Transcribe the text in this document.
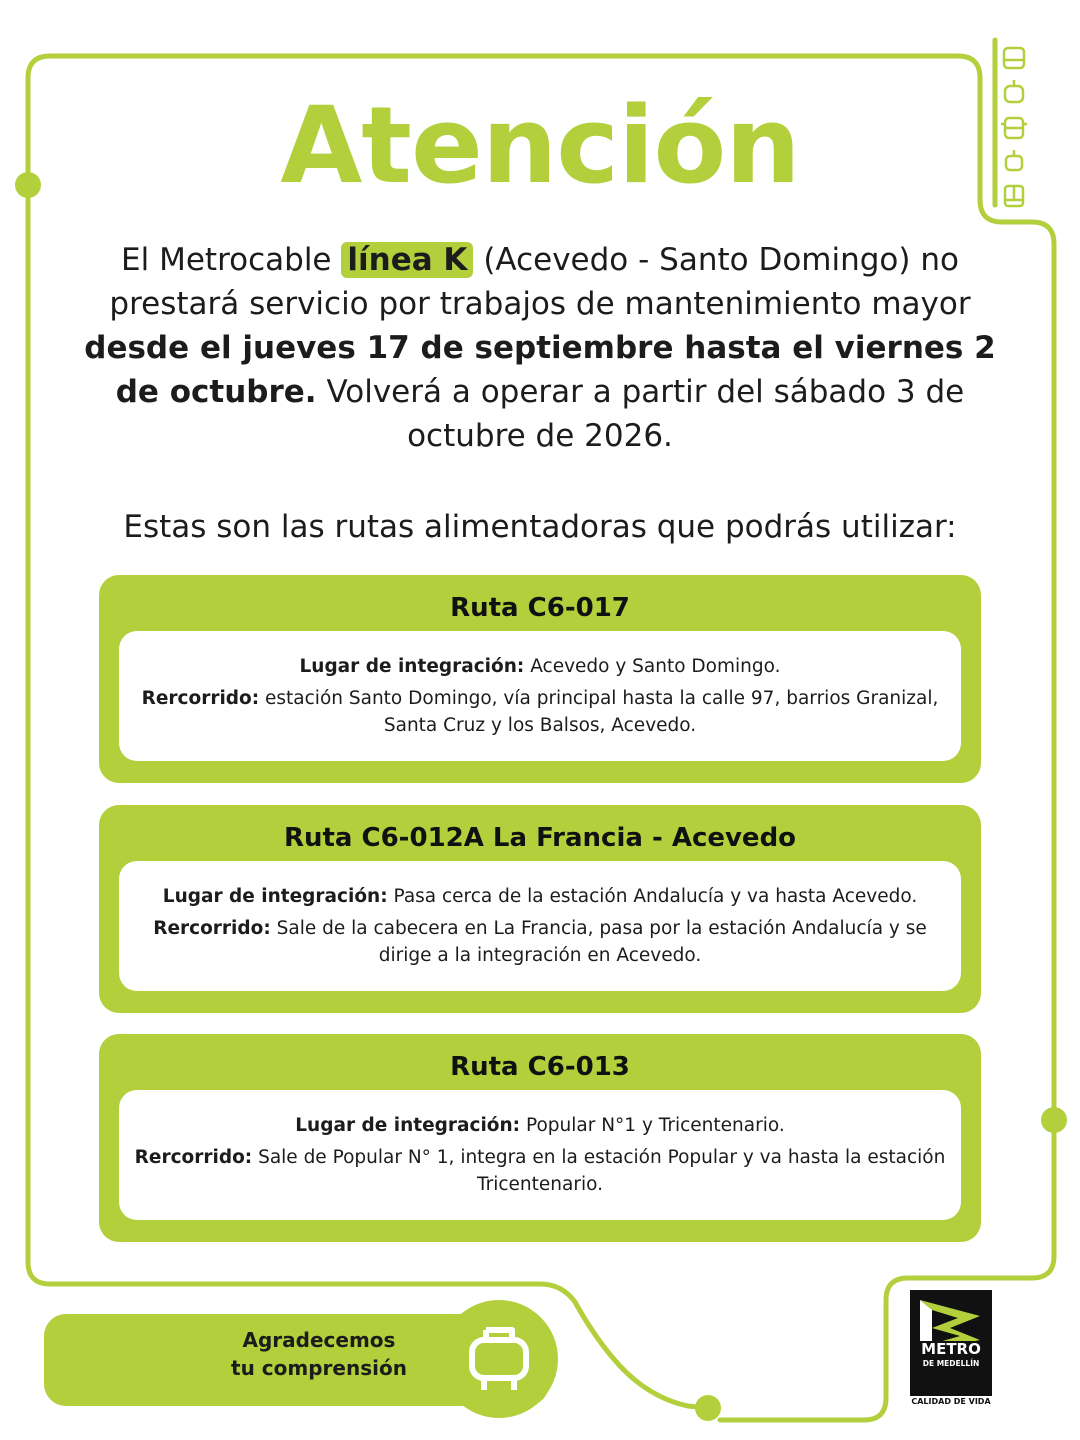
Atención
El Metrocable línea K (Acevedo - Santo Domingo) no prestará servicio por trabajos de mantenimiento mayor desde el jueves 17 de septiembre hasta el viernes 2 de octubre. Volverá a operar a partir del sábado 3 de octubre de 2026.
Estas son las rutas alimentadoras que podrás utilizar:
Ruta C6-017

Lugar de integración: Acevedo y Santo Domingo.

Rercorrido: estación Santo Domingo, vía principal hasta la calle 97, barrios Granizal, Santa Cruz y los Balsos, Acevedo.

Ruta C6-012A La Francia - Acevedo

Lugar de integración: Pasa cerca de la estación Andalucía y va hasta Acevedo.

Rercorrido: Sale de la cabecera en La Francia, pasa por la estación Andalucía y se dirige a la integración en Acevedo.

Ruta C6-013

Lugar de integración: Popular N°1 y Tricentenario.

Rercorrido: Sale de Popular N° 1, integra en la estación Popular y va hasta la estación Tricentenario.

Agradecemos
tu comprensión
METRO
DE MEDELLÍN
CALIDAD DE VIDA
